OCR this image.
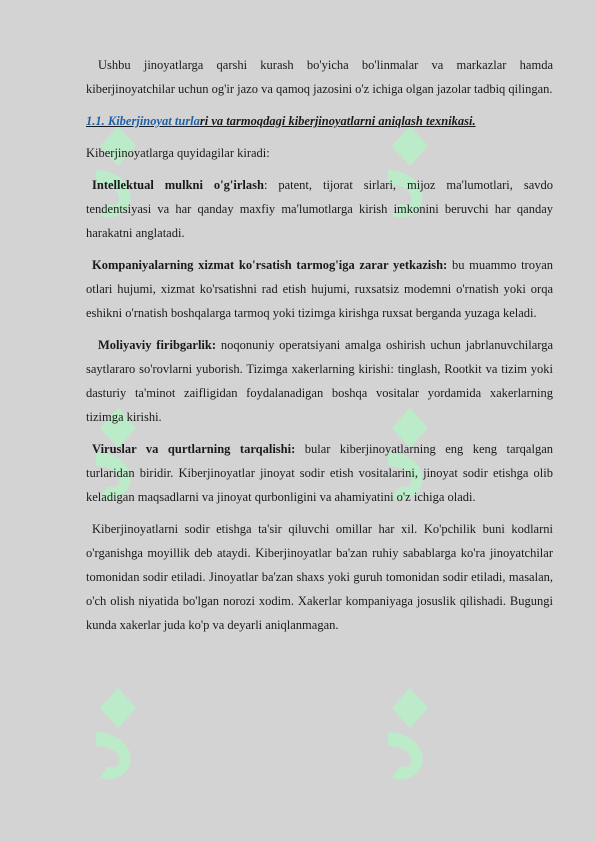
Ushbu jinoyatlarga qarshi kurash bo'yicha bo'linmalar va markazlar hamda kiberjinoyatchilar uchun og'ir jazo va qamoq jazosini o'z ichiga olgan jazolar tadbiq qilingan.

1.1. Kiberjinoyat turlari va tarmoqdagi kiberjinoyatlarni aniqlash texnikasi.

Kiberjinoyatlarga quyidagilar kiradi:

Intellektual mulkni o'g'irlash: patent, tijorat sirlari, mijoz ma'lumotlari, savdo tendentsiyasi va har qanday maxfiy ma'lumotlarga kirish imkonini beruvchi har qanday harakatni anglatadi.

Kompaniyalarning xizmat ko'rsatish tarmog'iga zarar yetkazish: bu muammo troyan otlari hujumi, xizmat ko'rsatishni rad etish hujumi, ruxsatsiz modemni o'rnatish yoki orqa eshikni o'rnatish boshqalarga tarmoq yoki tizimga kirishga ruxsat berganda yuzaga keladi.

Moliyaviy firibgarlik: noqonuniy operatsiyani amalga oshirish uchun jabrlanuvchilarga saytlararo so'rovlarni yuborish. Tizimga xakerlarning kirishi: tinglash, Rootkit va tizim yoki dasturiy ta'minot zaifligidan foydalanadigan boshqa vositalar yordamida xakerlarning tizimga kirishi.

Viruslar va qurtlarning tarqalishi: bular kiberjinoyatlarning eng keng tarqalgan turlaridan biridir. Kiberjinoyatlar jinoyat sodir etish vositalarini, jinoyat sodir etishga olib keladigan maqsadlarni va jinoyat qurbonligini va ahamiyatini o'z ichiga oladi.

Kiberjinoyatlarni sodir etishga ta'sir qiluvchi omillar har xil. Ko'pchilik buni kodlarni o'rganishga moyillik deb ataydi. Kiberjinoyatlar ba'zan ruhiy sabablarga ko'ra jinoyatchilar tomonidan sodir etiladi. Jinoyatlar ba'zan shaxs yoki guruh tomonidan sodir etiladi, masalan, o'ch olish niyatida bo'lgan norozi xodim. Xakerlar kompaniyaga josuslik qilishadi. Bugungi kunda xakerlar juda ko'p va deyarli aniqlanmagan.
